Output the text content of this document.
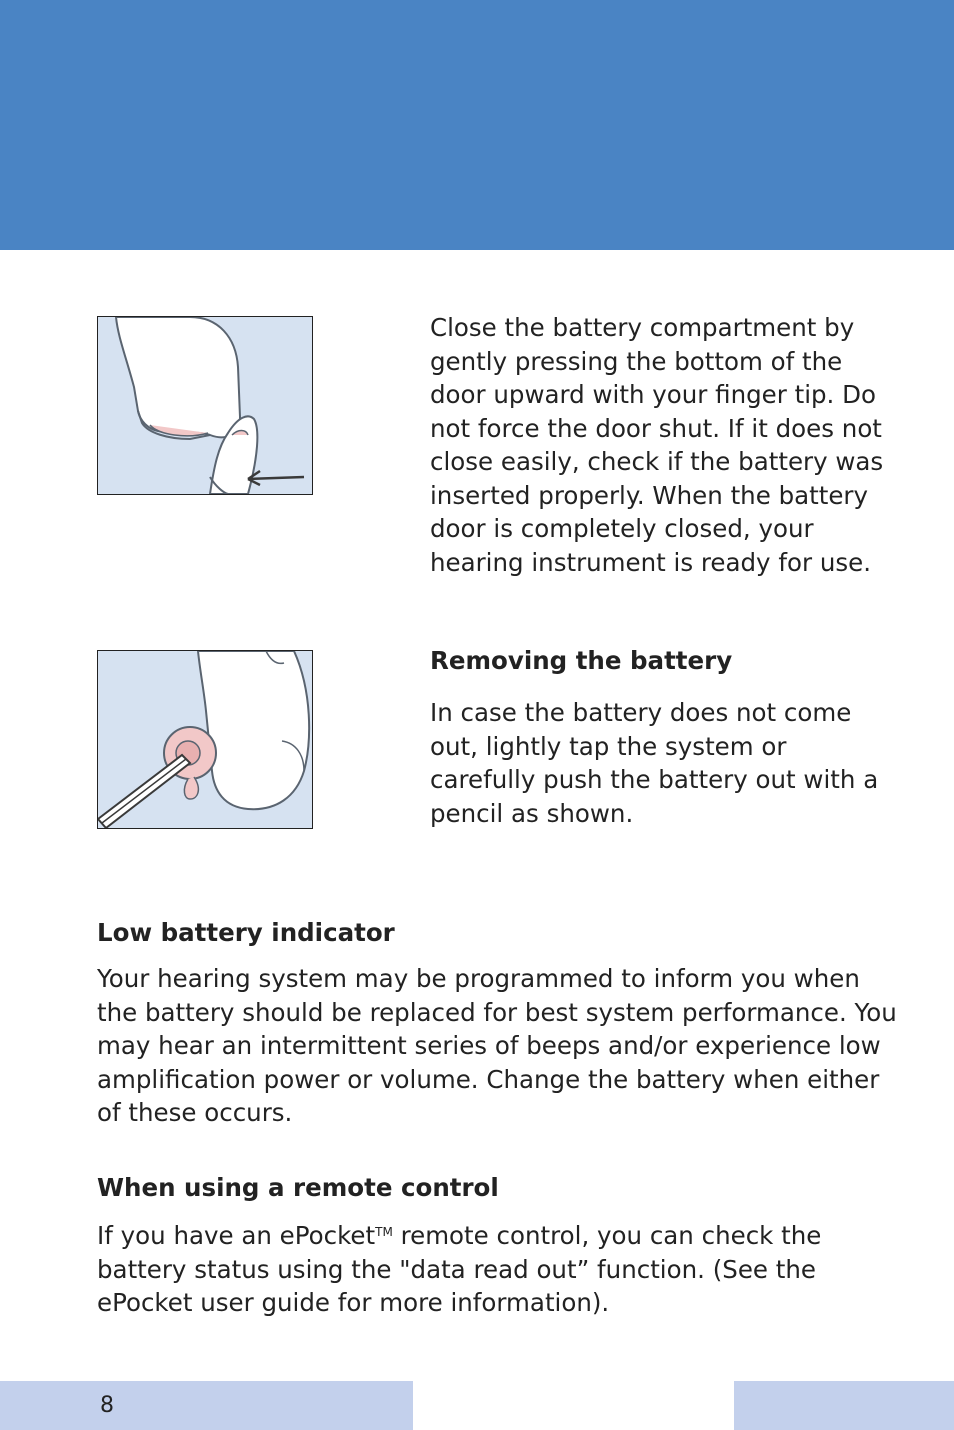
Close the battery compartment by gently pressing the bottom of the door upward with your finger tip. Do not force the door shut. If it does not close easily, check if the battery was inserted properly. When the battery door is completely closed, your hearing instrument is ready for use.

Removing the battery

In case the battery does not come out, lightly tap the system or carefully push the battery out with a pencil as shown.

Low battery indicator

Your hearing system may be programmed to inform you when the battery should be replaced for best system performance. You may hear an intermittent series of beeps and/or experience low amplification power or volume. Change the battery when either of these occurs.

When using a remote control

If you have an ePocket™ remote control, you can check the battery status using the "data read out” function. (See the ePocket user guide for more information).

8
